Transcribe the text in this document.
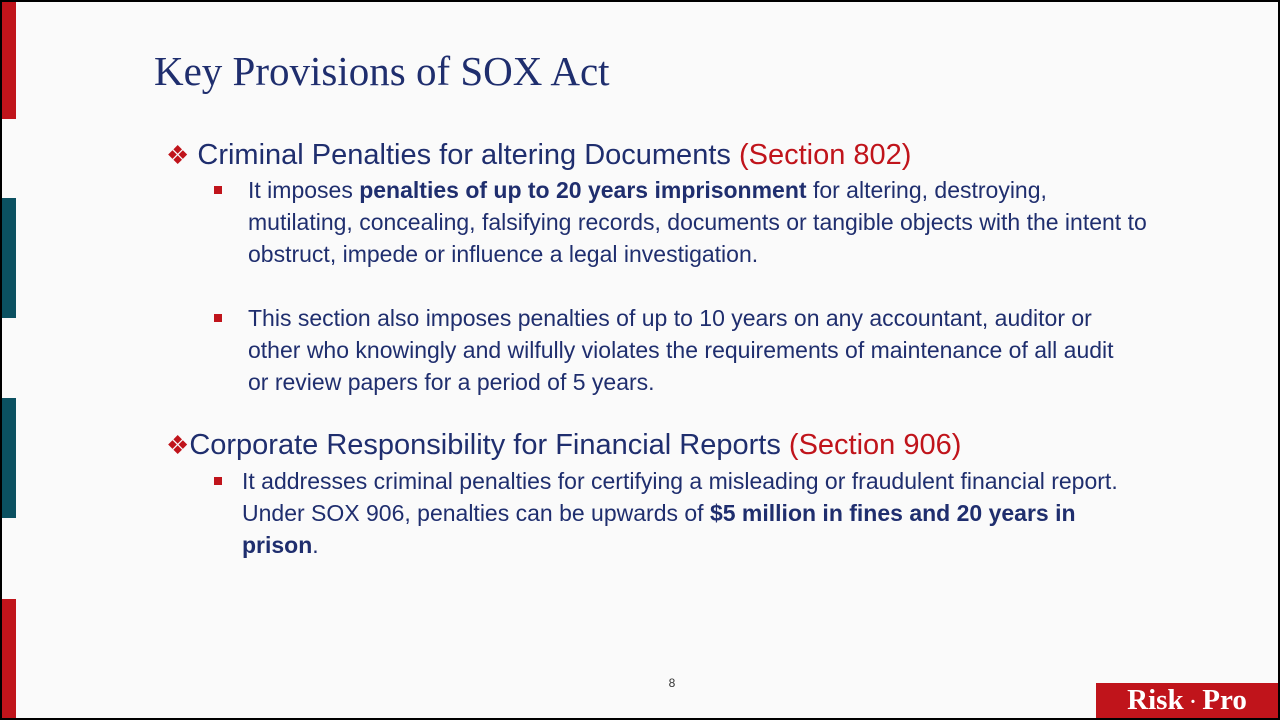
Key Provisions of SOX Act
❖ Criminal Penalties for altering Documents (Section 802)

It imposes penalties of up to 20 years imprisonment for altering, destroying, mutilating, concealing, falsifying records, documents or tangible objects with the intent to obstruct, impede or influence a legal investigation.

This section also imposes penalties of up to 10 years on any accountant, auditor or other who knowingly and wilfully violates the requirements of maintenance of all audit or review papers for a period of 5 years.

❖Corporate Responsibility for Financial Reports (Section 906)

It addresses criminal penalties for certifying a misleading or fraudulent financial report. Under SOX 906, penalties can be upwards of $5 million in fines and 20 years in prison.

8
Risk · Pro
